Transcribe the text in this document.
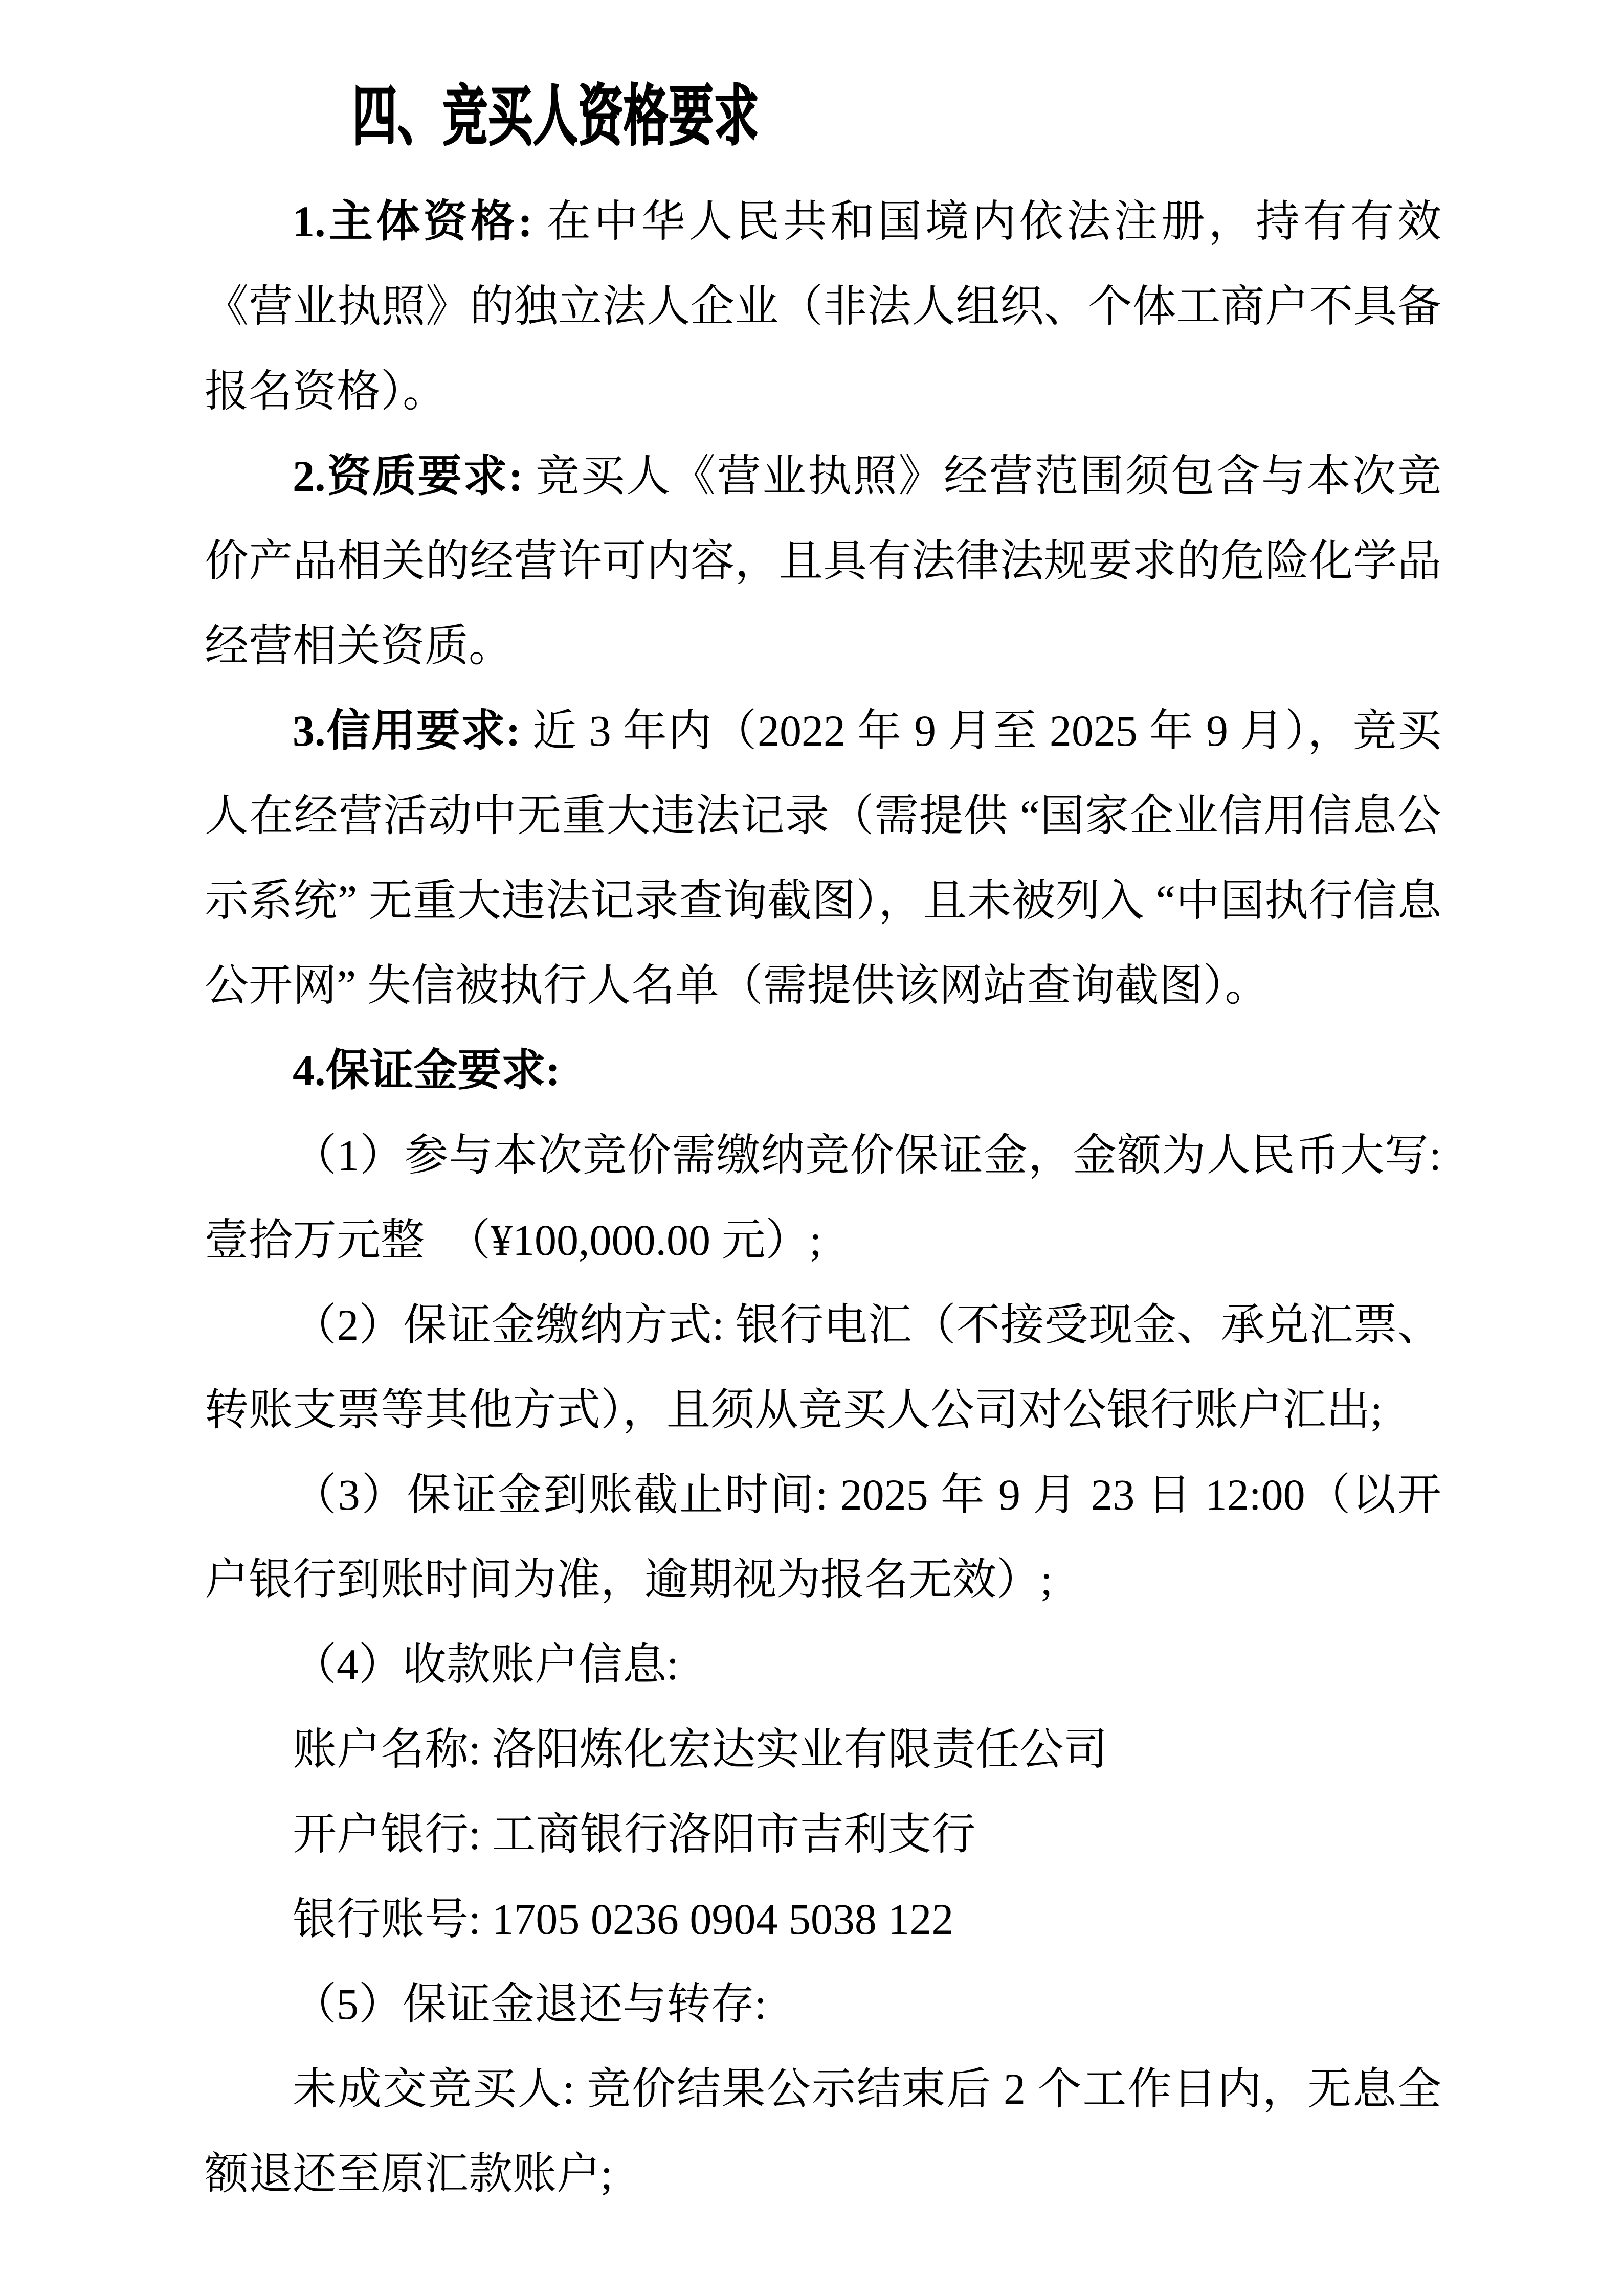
四、竞买人资格要求

1.主体资格: 在中华人民共和国境内依法注册，持有有效《营业执照》的独立法人企业（非法人组织、个体工商户不具备报名资格）。

2.资质要求: 竞买人《营业执照》经营范围须包含与本次竞价产品相关的经营许可内容，且具有法律法规要求的危险化学品经营相关资质。

3.信用要求: 近 3 年内（2022 年 9 月至 2025 年 9 月），竞买人在经营活动中无重大违法记录（需提供 “国家企业信用信息公示系统” 无重大违法记录查询截图），且未被列入 “中国执行信息公开网” 失信被执行人名单（需提供该网站查询截图）。

4.保证金要求:

（1）参与本次竞价需缴纳竞价保证金，金额为人民币大写: 壹拾万元整　（¥100,000.00 元）;

（2）保证金缴纳方式: 银行电汇（不接受现金、承兑汇票、转账支票等其他方式），且须从竞买人公司对公银行账户汇出;

（3）保证金到账截止时间: 2025 年 9 月 23 日 12:00（以开户银行到账时间为准，逾期视为报名无效）;

（4）收款账户信息:

账户名称: 洛阳炼化宏达实业有限责任公司

开户银行: 工商银行洛阳市吉利支行

银行账号: 1705 0236 0904 5038 122

（5）保证金退还与转存:

未成交竞买人: 竞价结果公示结束后 2 个工作日内，无息全额退还至原汇款账户;
